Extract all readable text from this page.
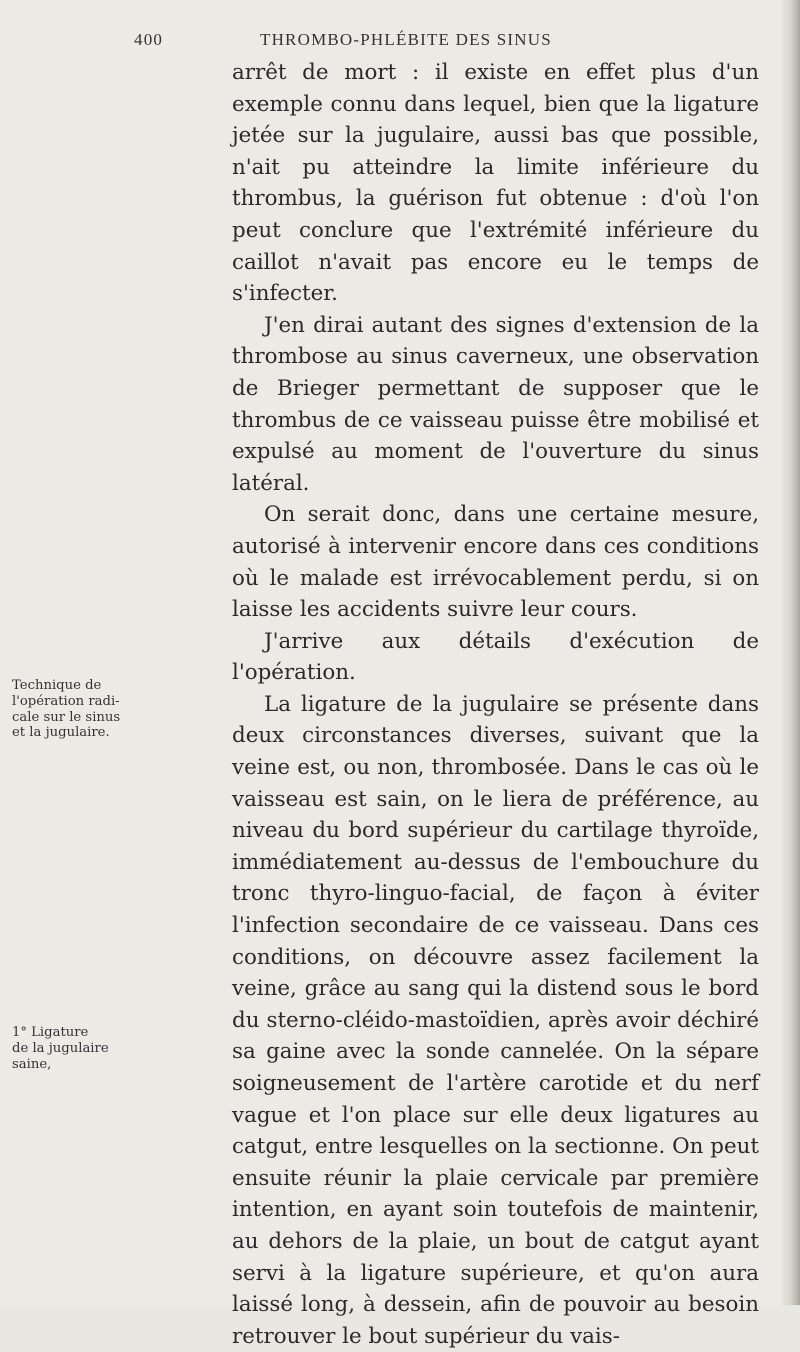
400	THROMBO-PHLÉBITE DES SINUS

arrêt de mort : il existe en effet plus d'un exemple connu dans lequel, bien que la ligature jetée sur la jugulaire, aussi bas que possible, n'ait pu atteindre la limite inférieure du thrombus, la guérison fut obtenue : d'où l'on peut conclure que l'extrémité inférieure du caillot n'avait pas encore eu le temps de s'infecter.

J'en dirai autant des signes d'extension de la thrombose au sinus caverneux, une observation de Brieger permettant de supposer que le thrombus de ce vaisseau puisse être mobilisé et expulsé au moment de l'ouverture du sinus latéral.

On serait donc, dans une certaine mesure, autorisé à intervenir encore dans ces conditions où le malade est irrévocablement perdu, si on laisse les accidents suivre leur cours.

J'arrive aux détails d'exécution de l'opération.

La ligature de la jugulaire se présente dans deux circonstances diverses, suivant que la veine est, ou non, thrombosée. Dans le cas où le vaisseau est sain, on le liera de préférence, au niveau du bord supérieur du cartilage thyroïde, immédiatement au-dessus de l'embouchure du tronc thyro-linguo-facial, de façon à éviter l'infection secondaire de ce vaisseau. Dans ces conditions, on découvre assez facilement la veine, grâce au sang qui la distend sous le bord du sterno-cléido-mastoïdien, après avoir déchiré sa gaine avec la sonde cannelée. On la sépare soigneusement de l'artère carotide et du nerf vague et l'on place sur elle deux ligatures au catgut, entre lesquelles on la sectionne. On peut ensuite réunir la plaie cervicale par première intention, en ayant soin toutefois de maintenir, au dehors de la plaie, un bout de catgut ayant servi à la ligature supérieure, et qu'on aura laissé long, à dessein, afin de pouvoir au besoin retrouver le bout supérieur du vais-

Technique de
l'opération radi-
cale sur le sinus
et la jugulaire.
1° Ligature
de la jugulaire
saine,
